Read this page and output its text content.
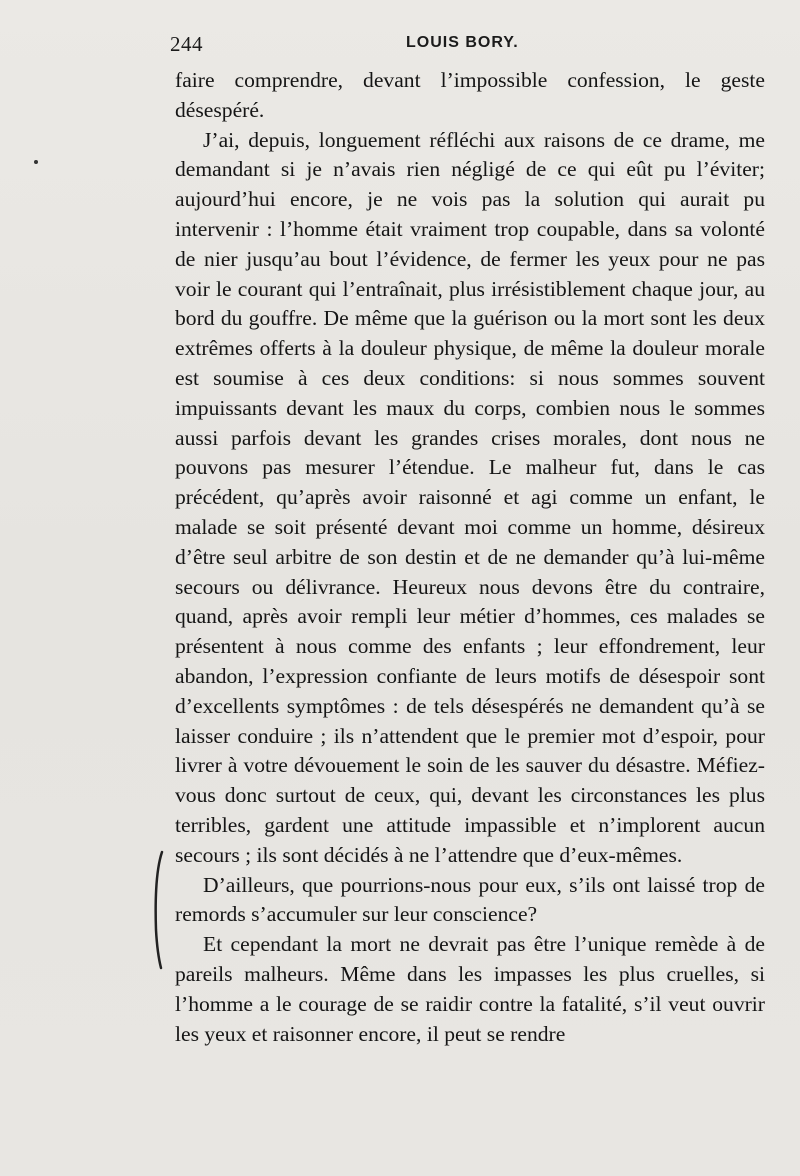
244	LOUIS BORY.

faire comprendre, devant l’impossible confession, le geste désespéré.

J’ai, depuis, longuement réfléchi aux raisons de ce drame, me demandant si je n’avais rien négligé de ce qui eût pu l’éviter; aujourd’hui encore, je ne vois pas la solution qui aurait pu intervenir : l’homme était vraiment trop coupable, dans sa volonté de nier jusqu’au bout l’évidence, de fermer les yeux pour ne pas voir le courant qui l’entraînait, plus irrésistiblement chaque jour, au bord du gouffre. De même que la guérison ou la mort sont les deux extrêmes offerts à la douleur physique, de même la douleur morale est soumise à ces deux conditions: si nous sommes souvent impuissants devant les maux du corps, combien nous le sommes aussi parfois devant les grandes crises morales, dont nous ne pouvons pas mesurer l’étendue. Le malheur fut, dans le cas précédent, qu’après avoir raisonné et agi comme un enfant, le malade se soit présenté devant moi comme un homme, désireux d’être seul arbitre de son destin et de ne demander qu’à lui-même secours ou délivrance. Heureux nous devons être du contraire, quand, après avoir rempli leur métier d’hommes, ces malades se présentent à nous comme des enfants ; leur effondrement, leur abandon, l’expression confiante de leurs motifs de désespoir sont d’excellents symptômes : de tels désespérés ne demandent qu’à se laisser conduire ; ils n’attendent que le premier mot d’espoir, pour livrer à votre dévouement le soin de les sauver du désastre. Méfiez-vous donc surtout de ceux, qui, devant les circonstances les plus terribles, gardent une attitude impassible et n’implorent aucun secours ; ils sont décidés à ne l’attendre que d’eux-mêmes.

D’ailleurs, que pourrions-nous pour eux, s’ils ont laissé trop de remords s’accumuler sur leur conscience?

Et cependant la mort ne devrait pas être l’unique remède à de pareils malheurs. Même dans les impasses les plus cruelles, si l’homme a le courage de se raidir contre la fatalité, s’il veut ouvrir les yeux et raisonner encore, il peut se rendre
